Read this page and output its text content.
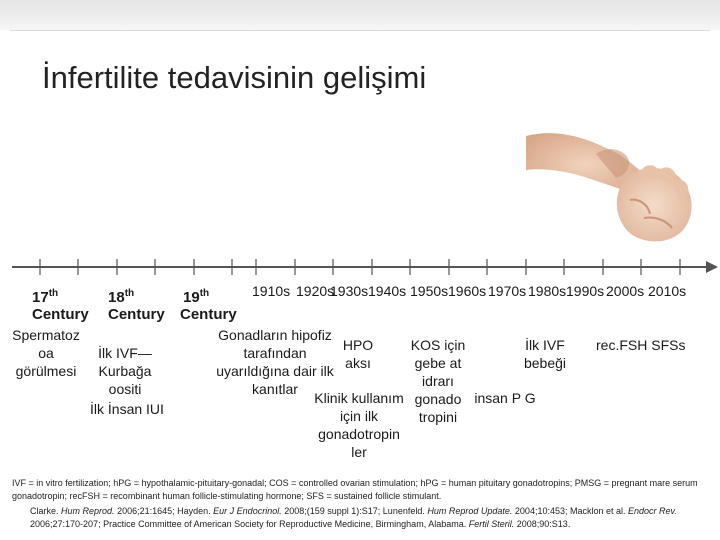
İnfertilite tedavisinin gelişimi
17th
Century
18th
Century
19th
Century
1910s 1920s
1930s 1940s 1950s 1960s 1970s 1980s 1990s 2000s 2010s
Spermatoz oa görülmesi
İlk IVF— Kurbağa oositi
İlk İnsan IUI
Gonadların hipofiz tarafından uyarıldığına dair ilk kanıtlar
HPO aksı
Klinik kullanım için ilk gonadotropin ler
KOS için gebe at idrarı gonado tropini
İlk IVF bebeği
insan P G
rec.FSH SFSs
IVF = in vitro fertilization; hPG = hypothalamic-pituitary-gonadal; COS = controlled ovarian stimulation; hPG = human pituitary gonadotropins; PMSG = pregnant mare serum gonadotropin; recFSH = recombinant human follicle-stimulating hormone; SFS = sustained follicle stimulant.
Clarke. Hum Reprod. 2006;21:1645; Hayden. Eur J Endocrinol. 2008;(159 suppl 1):S17; Lunenfeld. Hum Reprod Update. 2004;10:453; Macklon et al. Endocr Rev. 2006;27:170-207; Practice Committee of American Society for Reproductive Medicine, Birmingham, Alabama. Fertil Steril. 2008;90:S13.
